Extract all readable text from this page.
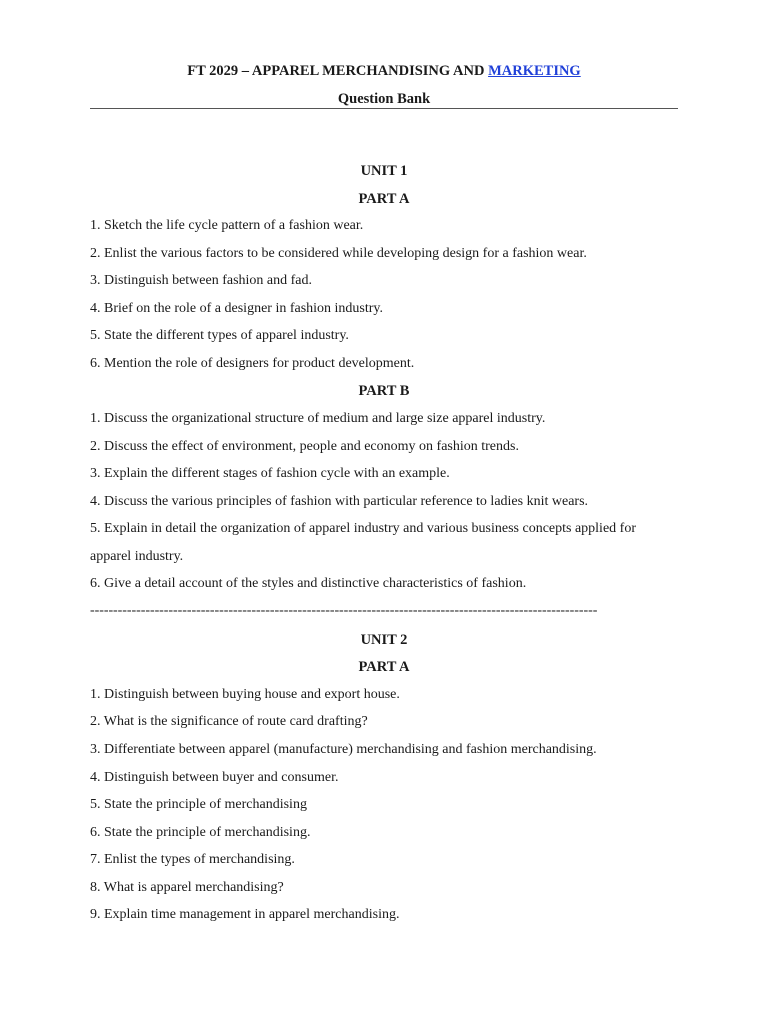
FT 2029 – APPAREL MERCHANDISING AND MARKETING
Question Bank
UNIT 1
PART A
1. Sketch the life cycle pattern of a fashion wear.
2. Enlist the various factors to be considered while developing design for a fashion wear.
3. Distinguish between fashion and fad.
4. Brief on the role of a designer in fashion industry.
5. State the different types of apparel industry.
6. Mention the role of designers for product development.
PART B
1. Discuss the organizational structure of medium and large size apparel industry.
2. Discuss the effect of environment, people and economy on fashion trends.
3. Explain the different stages of fashion cycle with an example.
4. Discuss the various principles of fashion with particular reference to ladies knit wears.
5. Explain in detail the organization of apparel industry and various business concepts applied for
apparel industry.
6. Give a detail account of the styles and distinctive characteristics of fashion.
--------------------------------------------------------------------------------------------------------------
UNIT 2
PART A
1. Distinguish between buying house and export house.
2. What is the significance of route card drafting?
3. Differentiate between apparel (manufacture) merchandising and fashion merchandising.
4. Distinguish between buyer and consumer.
5. State the principle of merchandising
6. State the principle of merchandising.
7. Enlist the types of merchandising.
8. What is apparel merchandising?
9. Explain time management in apparel merchandising.
